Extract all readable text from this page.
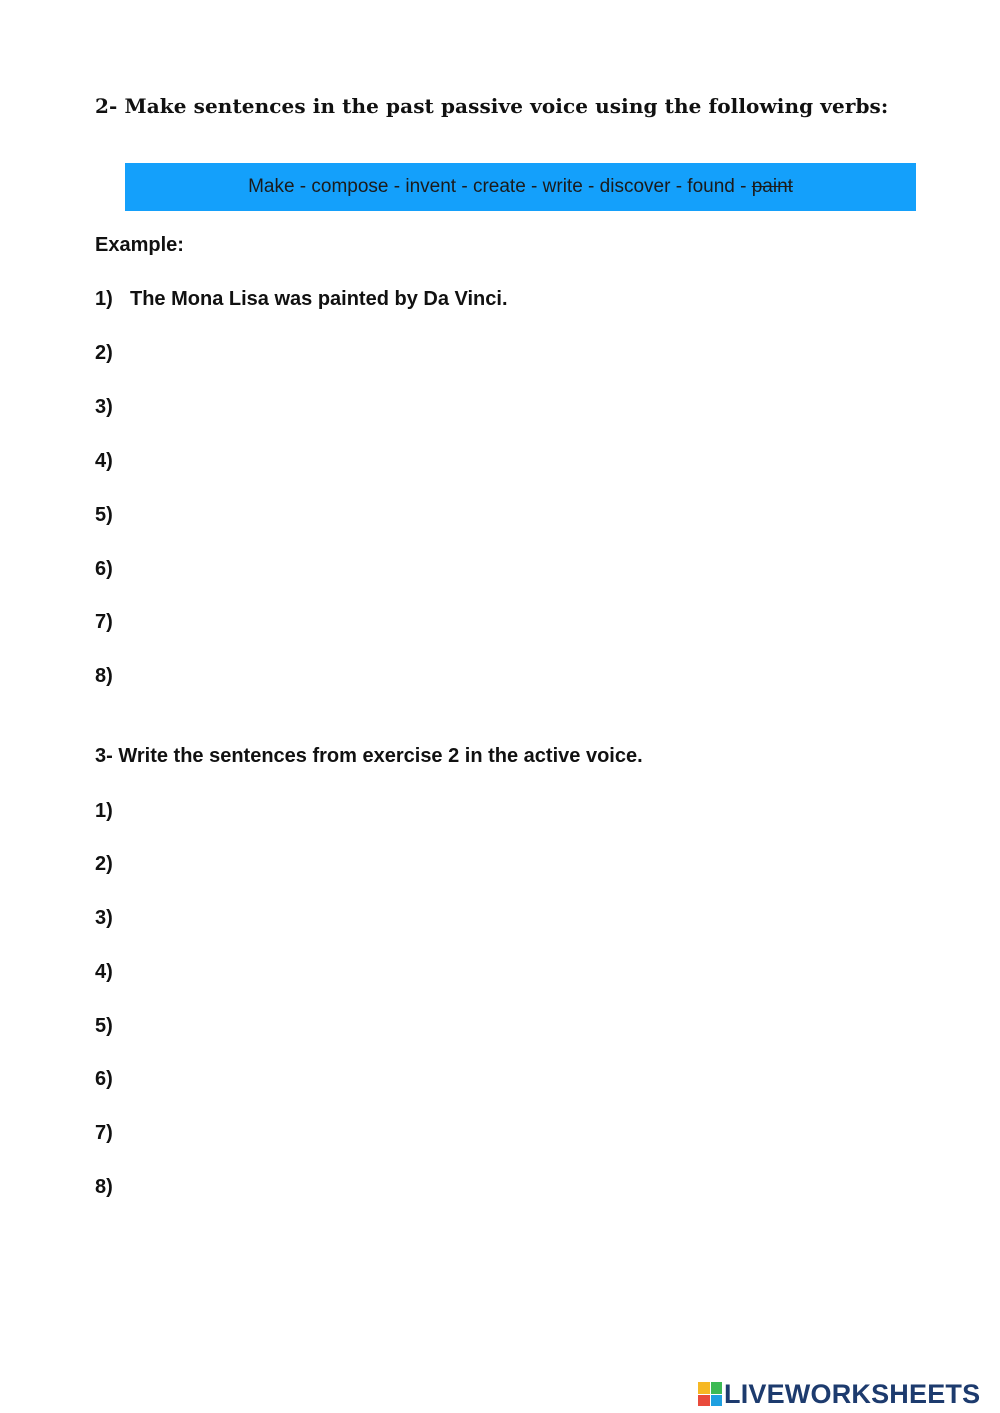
2- Make sentences in the past passive voice using the following verbs:
Make - compose - invent - create - write - discover - found - paint
Example:
1) The Mona Lisa was painted by Da Vinci.
2)
3)
4)
5)
6)
7)
8)
3- Write the sentences from exercise 2 in the active voice.
1)
2)
3)
4)
5)
6)
7)
8)
LIVEWORKSHEETS
